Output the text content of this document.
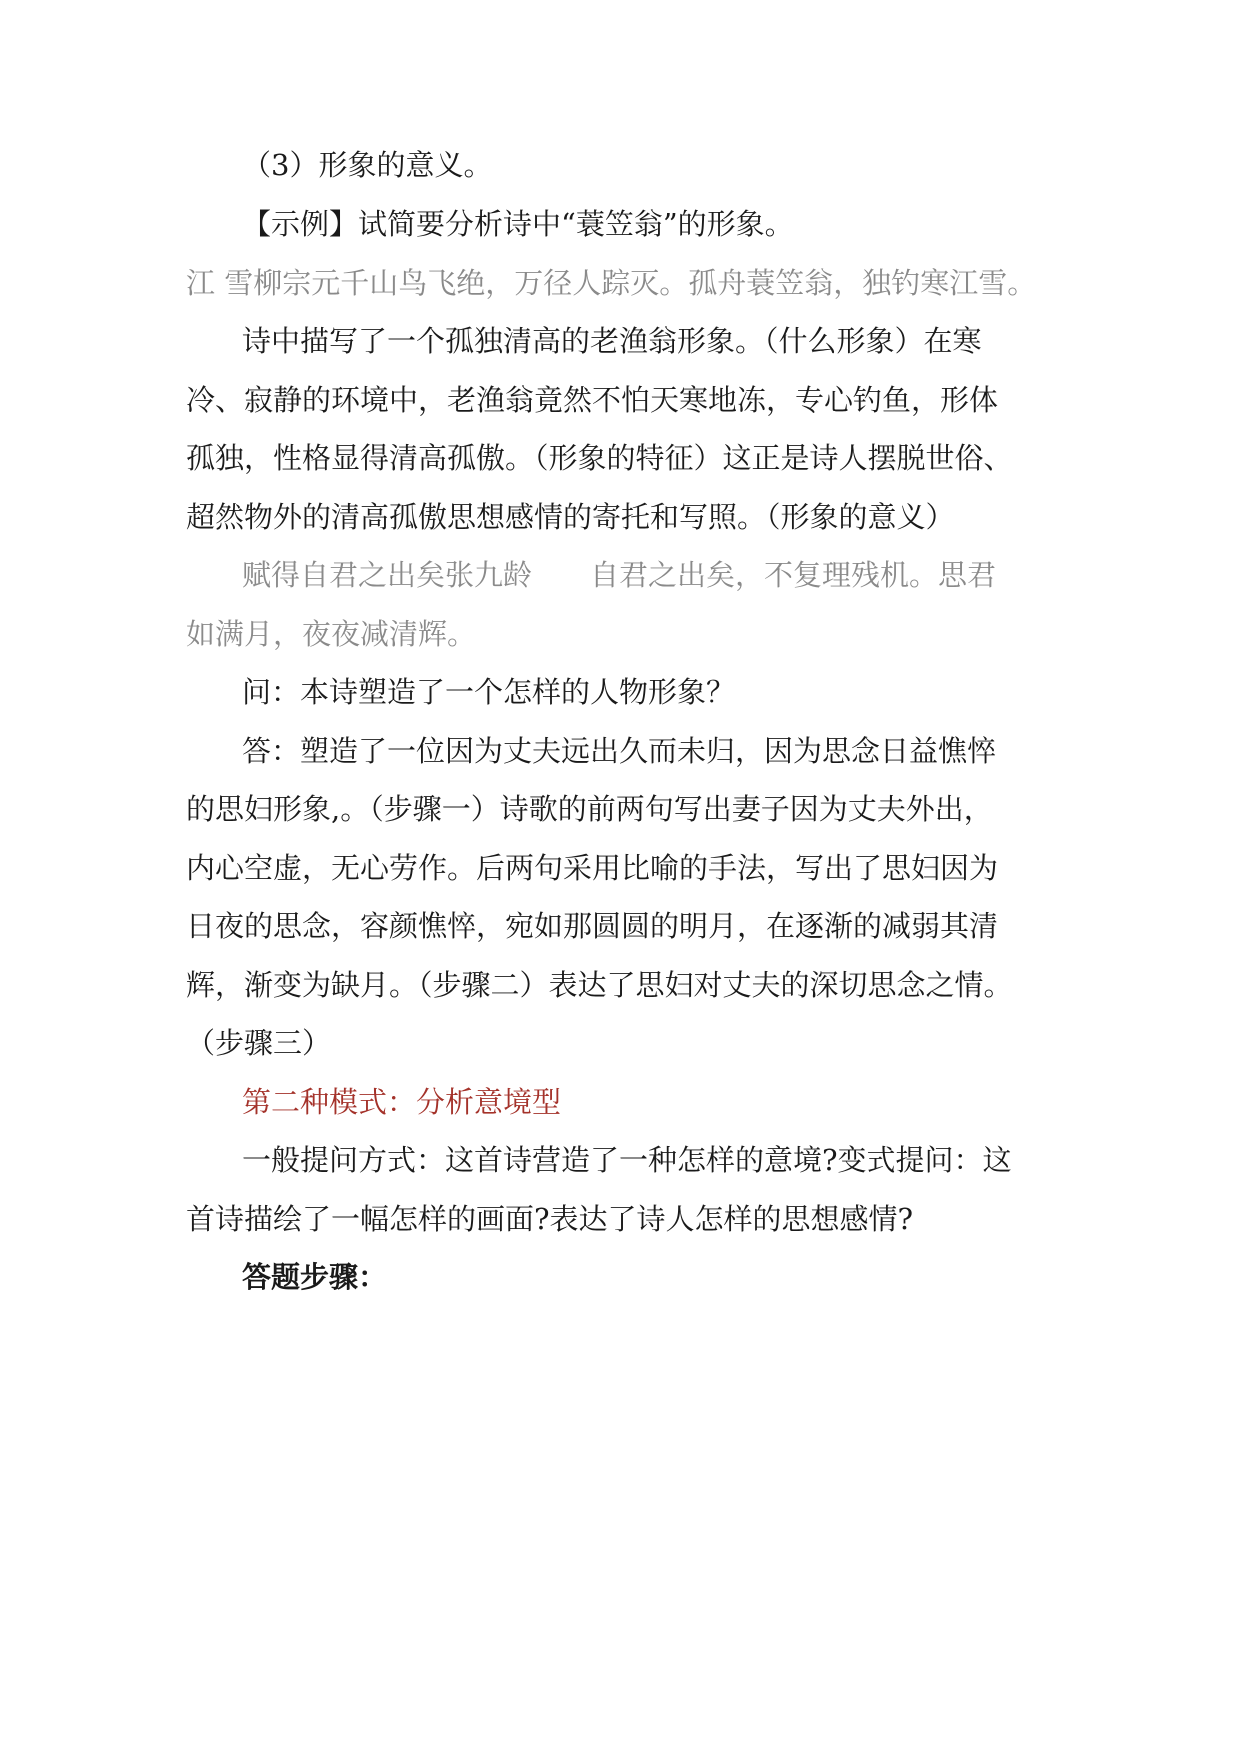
（3）形象的意义。
【示例】试简要分析诗中“蓑笠翁”的形象。
江 雪柳宗元千山鸟飞绝，万径人踪灭。孤舟蓑笠翁，独钓寒江雪。
诗中描写了一个孤独清高的老渔翁形象。（什么形象）在寒
冷、寂静的环境中，老渔翁竟然不怕天寒地冻，专心钓鱼，形体
孤独，性格显得清高孤傲。（形象的特征）这正是诗人摆脱世俗、
超然物外的清高孤傲思想感情的寄托和写照。（形象的意义）
赋得自君之出矣张九龄　　自君之出矣，不复理残机。思君
如满月，夜夜减清辉。
问：本诗塑造了一个怎样的人物形象？
答：塑造了一位因为丈夫远出久而未归，因为思念日益憔悴
的思妇形象,。（步骤一）诗歌的前两句写出妻子因为丈夫外出，
内心空虚，无心劳作。后两句采用比喻的手法，写出了思妇因为
日夜的思念，容颜憔悴，宛如那圆圆的明月，在逐渐的减弱其清
辉，渐变为缺月。（步骤二）表达了思妇对丈夫的深切思念之情。
（步骤三）
第二种模式：分析意境型
一般提问方式：这首诗营造了一种怎样的意境?变式提问：这
首诗描绘了一幅怎样的画面?表达了诗人怎样的思想感情?
答题步骤：
